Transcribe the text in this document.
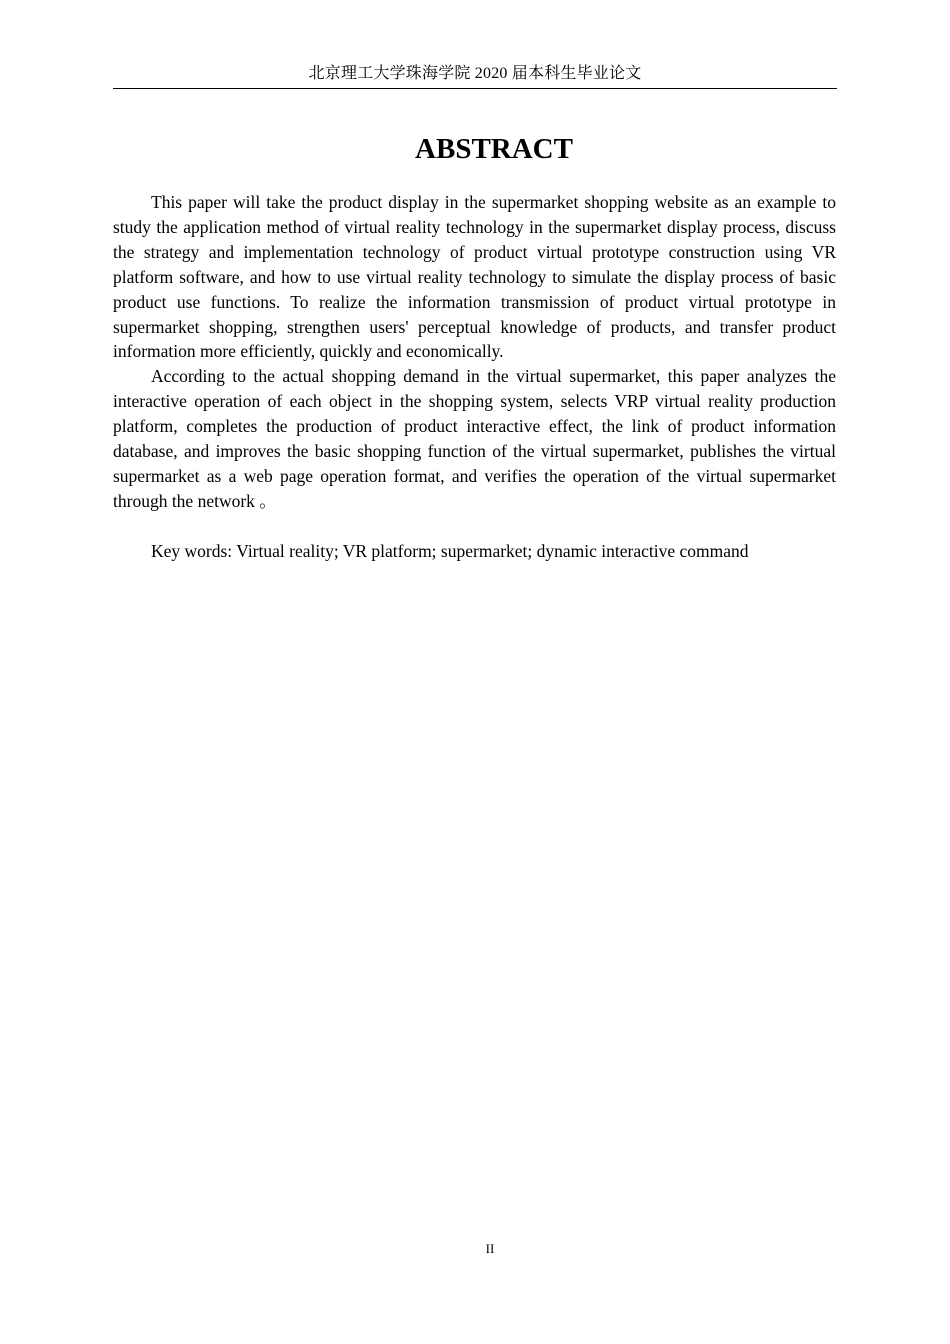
北京理工大学珠海学院 2020 届本科生毕业论文
ABSTRACT

This paper will take the product display in the supermarket shopping website as an example to study the application method of virtual reality technology in the supermarket display process, discuss the strategy and implementation technology of product virtual prototype construction using VR platform software, and how to use virtual reality technology to simulate the display process of basic product use functions. To realize the information transmission of product virtual prototype in supermarket shopping, strengthen users' perceptual knowledge of products, and transfer product information more efficiently, quickly and economically.

According to the actual shopping demand in the virtual supermarket, this paper analyzes the interactive operation of each object in the shopping system, selects VRP virtual reality production platform, completes the production of product interactive effect, the link of product information database, and improves the basic shopping function of the virtual supermarket, publishes the virtual supermarket as a web page operation format, and verifies the operation of the virtual supermarket through the network 。

Key words: Virtual reality; VR platform; supermarket; dynamic interactive command

II
